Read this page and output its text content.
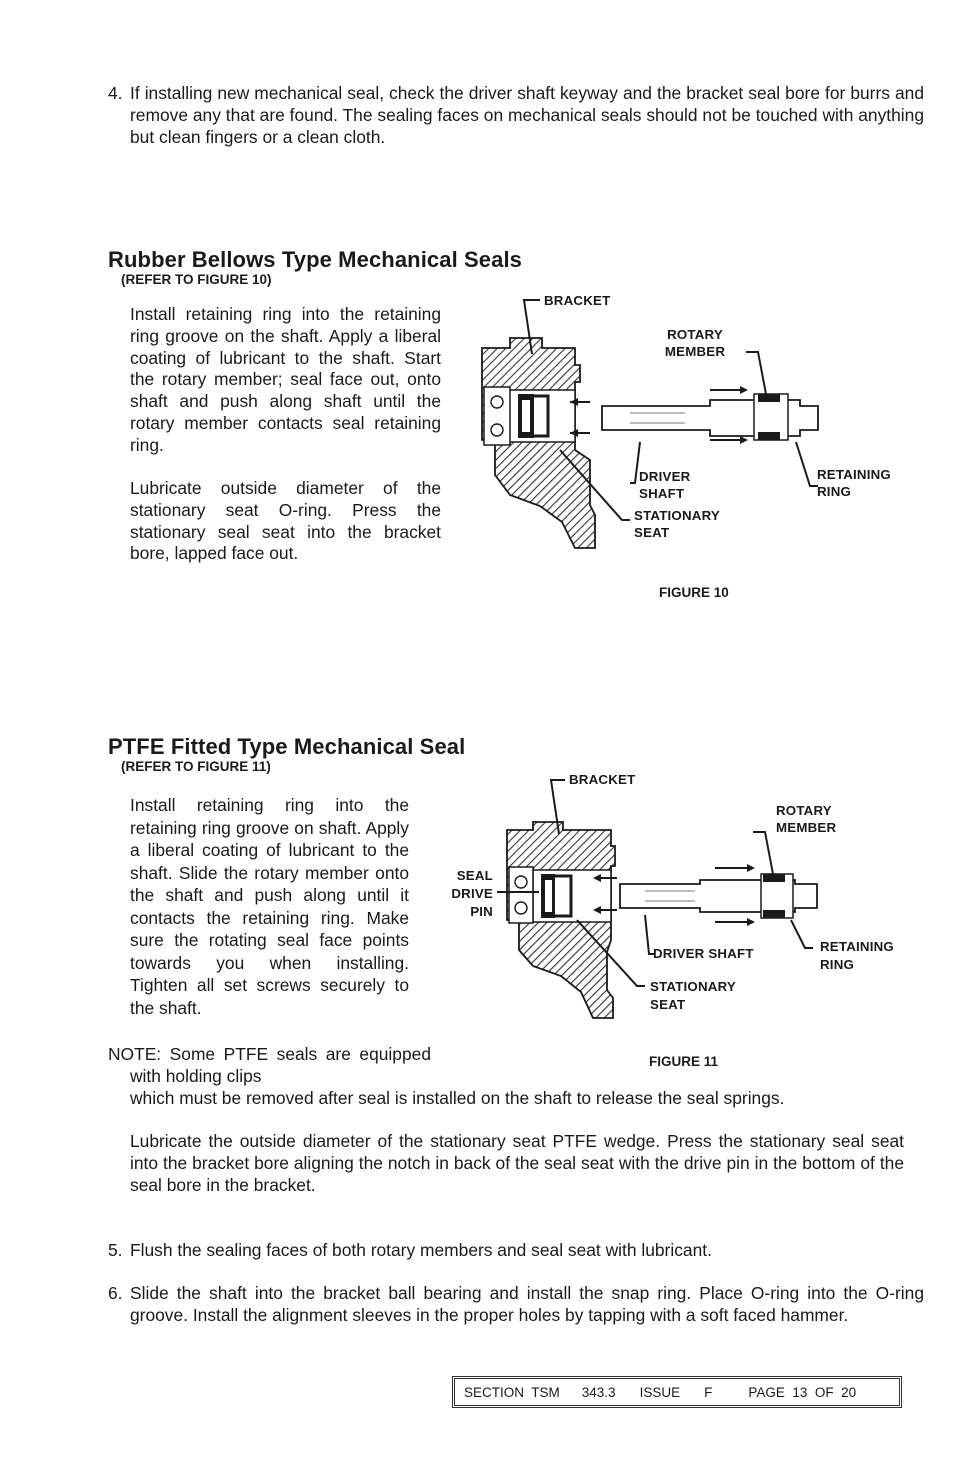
4. If installing new mechanical seal, check the driver shaft keyway and the bracket seal bore for burrs and remove any that are found. The sealing faces on mechanical seals should not be touched with anything but clean fingers or a clean cloth.
Rubber Bellows Type Mechanical Seals
(REFER TO FIGURE 10)
Install retaining ring into the retaining ring groove on the shaft. Apply a liberal coating of lubricant to the shaft. Start the rotary member; seal face out, onto shaft and push along shaft until the rotary member contacts seal retaining ring.
Lubricate outside diameter of the stationary seat O-ring. Press the stationary seal seat into the bracket bore, lapped face out.
BRACKET
ROTARY
MEMBER
DRIVER
SHAFT
RETAINING
RING
STATIONARY
SEAT
FIGURE 10
PTFE Fitted Type Mechanical Seal
(REFER TO FIGURE 11)
Install retaining ring into the retaining ring groove on shaft. Apply a liberal coating of lubricant to the shaft. Slide the rotary member onto the shaft and push along until it contacts the retaining ring. Make sure the rotating seal face points towards you when installing. Tighten all set screws securely to the shaft.
BRACKET
ROTARY
MEMBER
SEAL
DRIVE
PIN
DRIVER SHAFT	RETAINING
RING
STATIONARY
SEAT
FIGURE 11
NOTE: Some PTFE seals are equipped with holding clips
which must be removed after seal is installed on the shaft to release the seal springs.
Lubricate the outside diameter of the stationary seat PTFE wedge. Press the stationary seal seat into the bracket bore aligning the notch in back of the seal seat with the drive pin in the bottom of the seal bore in the bracket.
5. Flush the sealing faces of both rotary members and seal seat with lubricant.
6. Slide the shaft into the bracket ball bearing and install the snap ring. Place O-ring into the O-ring groove. Install the alignment sleeves in the proper holes by tapping with a soft faced hammer.
SECTION  TSM 343.3 ISSUE F	PAGE  13  OF  20
